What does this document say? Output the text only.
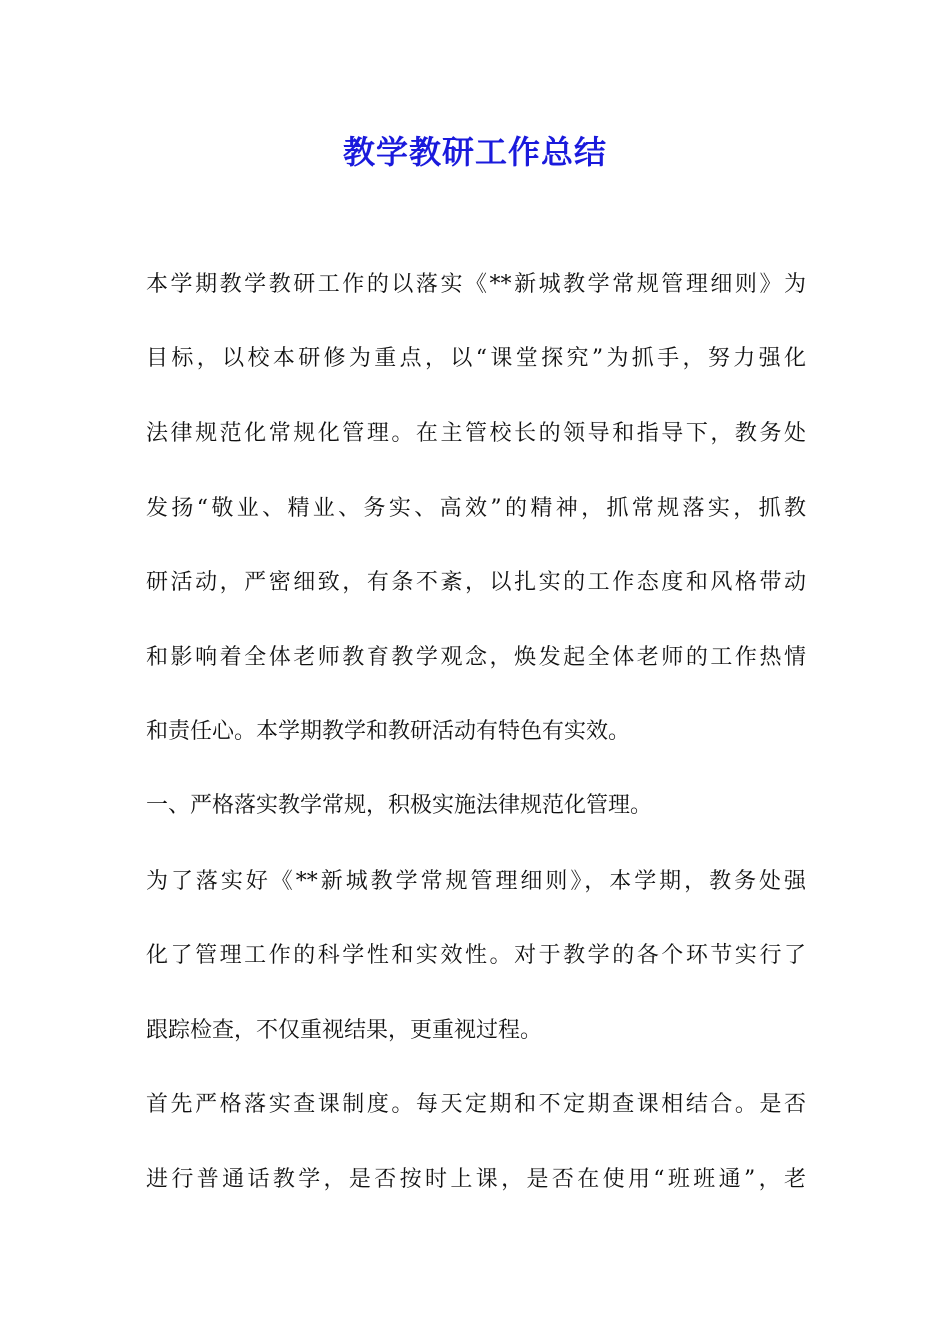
教学教研工作总结
本学期教学教研工作的以落实《**新城教学常规管理细则》为
目标，以校本研修为重点，以“课堂探究”为抓手，努力强化
法律规范化常规化管理。在主管校长的领导和指导下，教务处
发扬“敬业、精业、务实、高效”的精神，抓常规落实，抓教
研活动，严密细致，有条不紊，以扎实的工作态度和风格带动
和影响着全体老师教育教学观念，焕发起全体老师的工作热情
和责任心。本学期教学和教研活动有特色有实效。
一、严格落实教学常规，积极实施法律规范化管理。
为了落实好《**新城教学常规管理细则》，本学期，教务处强
化了管理工作的科学性和实效性。对于教学的各个环节实行了
跟踪检查，不仅重视结果，更重视过程。
首先严格落实查课制度。每天定期和不定期查课相结合。是否
进行普通话教学，是否按时上课，是否在使用“班班通”，老
